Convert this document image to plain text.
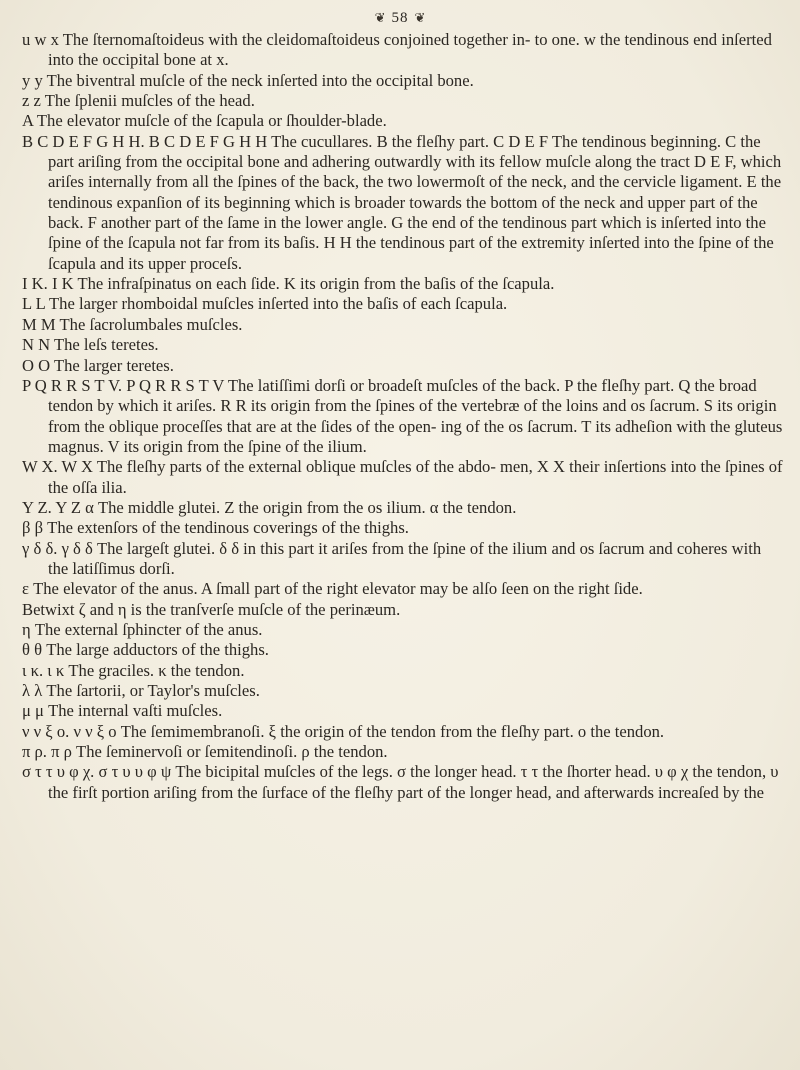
❦ 58 ❦

u w x The ſternomaſtoideus with the cleidomaſtoideus conjoined together in- to one. w the tendinous end inſerted into the occipital bone at x.

y y The biventral muſcle of the neck inſerted into the occipital bone.

z z The ſplenii muſcles of the head.

A The elevator muſcle of the ſcapula or ſhoulder-blade.

B C D E F G H H. B C D E F G H H The cucullares. B the fleſhy part. C D E F The tendinous beginning. C the part ariſing from the occipital bone and adhering outwardly with its fellow muſcle along the tract D E F, which ariſes internally from all the ſpines of the back, the two lowermoſt of the neck, and the cervicle ligament. E the tendinous expanſion of its beginning which is broader towards the bottom of the neck and upper part of the back. F another part of the ſame in the lower angle. G the end of the tendinous part which is inſerted into the ſpine of the ſcapula not far from its baſis. H H the tendinous part of the extremity inſerted into the ſpine of the ſcapula and its upper proceſs.

I K. I K The infraſpinatus on each ſide. K its origin from the baſis of the ſcapula.

L L The larger rhomboidal muſcles inſerted into the baſis of each ſcapula.

M M The ſacrolumbales muſcles.

N N The leſs teretes.

O O The larger teretes.

P Q R R S T V. P Q R R S T V The latiſſimi dorſi or broadeſt muſcles of the back. P the fleſhy part. Q the broad tendon by which it ariſes. R R its origin from the ſpines of the vertebræ of the loins and os ſacrum. S its origin from the oblique proceſſes that are at the ſides of the open- ing of the os ſacrum. T its adheſion with the gluteus magnus. V its origin from the ſpine of the ilium.

W X. W X The fleſhy parts of the external oblique muſcles of the abdo- men, X X their inſertions into the ſpines of the oſſa ilia.

Y Z. Y Z α The middle glutei. Z the origin from the os ilium. α the tendon.

β β The extenſors of the tendinous coverings of the thighs.

γ δ δ. γ δ δ The largeſt glutei. δ δ in this part it ariſes from the ſpine of the ilium and os ſacrum and coheres with the latiſſimus dorſi.

ε The elevator of the anus. A ſmall part of the right elevator may be alſo ſeen on the right ſide.

Betwixt ζ and η is the tranſverſe muſcle of the perinæum.

η The external ſphincter of the anus.

θ θ The large adductors of the thighs.

ι κ. ι κ The graciles. κ the tendon.

λ λ The ſartorii, or Taylor's muſcles.

μ μ The internal vaſti muſcles.

ν ν ξ ο. ν ν ξ ο The ſemimembranoſi. ξ the origin of the tendon from the fleſhy part. ο the tendon.

π ρ. π ρ The ſeminervoſi or ſemitendinoſi. ρ the tendon.

σ τ τ υ φ χ. σ τ υ υ φ ψ The bicipital muſcles of the legs. σ the longer head. τ τ the ſhorter head. υ φ χ the tendon, υ the firſt portion ariſing from the ſurface of the fleſhy part of the longer head, and afterwards increaſed by the
